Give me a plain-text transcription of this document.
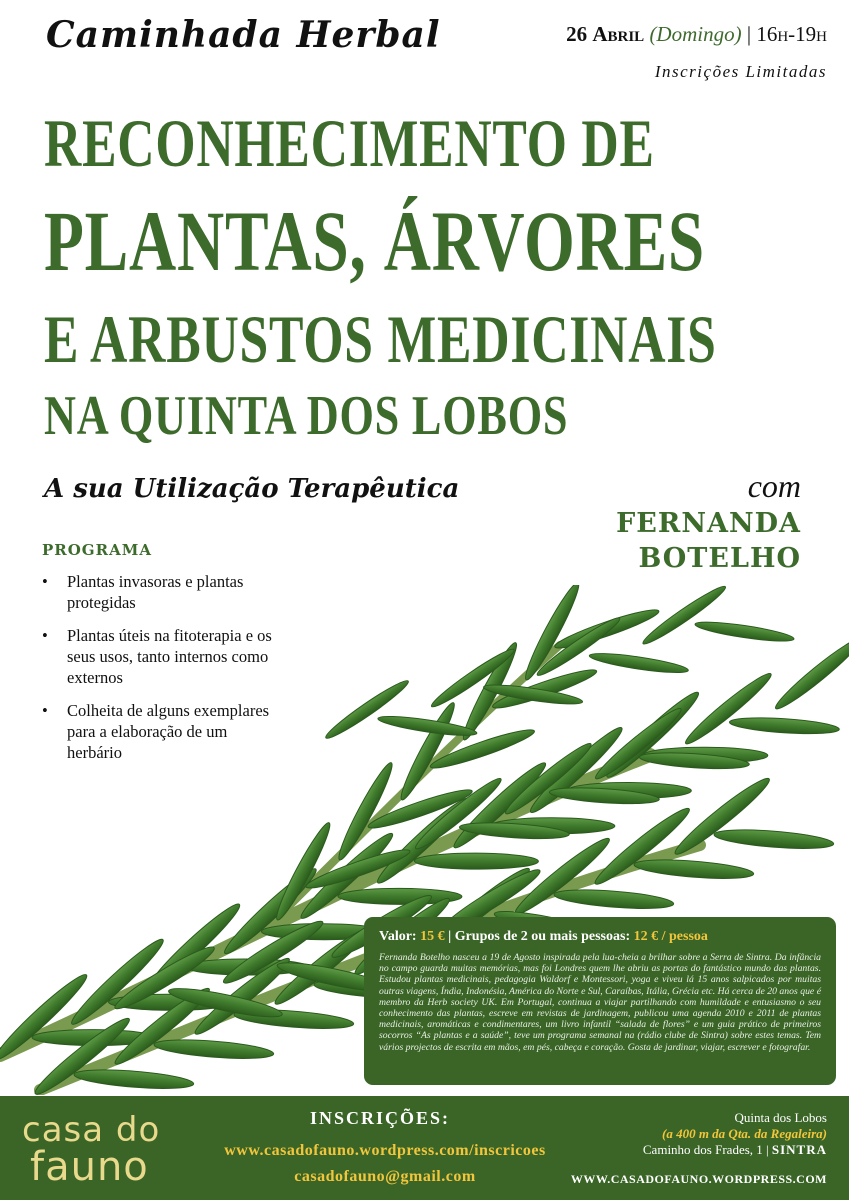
Caminhada Herbal	26 Abril (Domingo) | 16h-19h
Inscrições Limitadas
RECONHECIMENTO DE
PLANTAS, ÁRVORES
E ARBUSTOS MEDICINAIS
NA QUINTA DOS LOBOS
A sua Utilização Terapêutica	com
FERNANDA
BOTELHO
PROGRAMA
• Plantas invasoras e plantas protegidas
• Plantas úteis na fitoterapia e os seus usos, tanto internos como externos
• Colheita de alguns exemplares para a elaboração de um herbário
Valor: 15 € | Grupos de 2 ou mais pessoas: 12 € / pessoa
Fernanda Botelho nasceu a 19 de Agosto inspirada pela lua-cheia a brilhar sobre a Serra de Sintra. Da infância no campo guarda muitas memórias, mas foi Londres quem lhe abriu as portas do fantástico mundo das plantas. Estudou plantas medicinais, pedagogia Waldorf e Montessori, yoga e viveu lá 15 anos salpicados por muitas outras viagens, Índia, Indonésia, América do Norte e Sul, Caraíbas, Itália, Grécia etc. Há cerca de 20 anos que é membro da Herb society UK. Em Portugal, continua a viajar partilhando com humildade e entusiasmo o seu conhecimento das plantas, escreve em revistas de jardinagem, publicou uma agenda 2010 e 2011 de plantas medicinais, aromáticas e condimentares, um livro infantil “salada de flores” e um guia prático de primeiros socorros “As plantas e a saúde”, teve um programa semanal na (rádio clube de Sintra) sobre estes temas. Tem vários projectos de escrita em mãos, em pés, cabeça e coração. Gosta de jardinar, viajar, escrever e fotografar.
casa do
fauno
INSCRIÇÕES:
www.casadofauno.wordpress.com/inscricoes
casadofauno@gmail.com
Quinta dos Lobos
(a 400 m da Qta. da Regaleira)
Caminho dos Frades, 1 | SINTRA
WWW.CASADOFAUNO.WORDPRESS.COM
